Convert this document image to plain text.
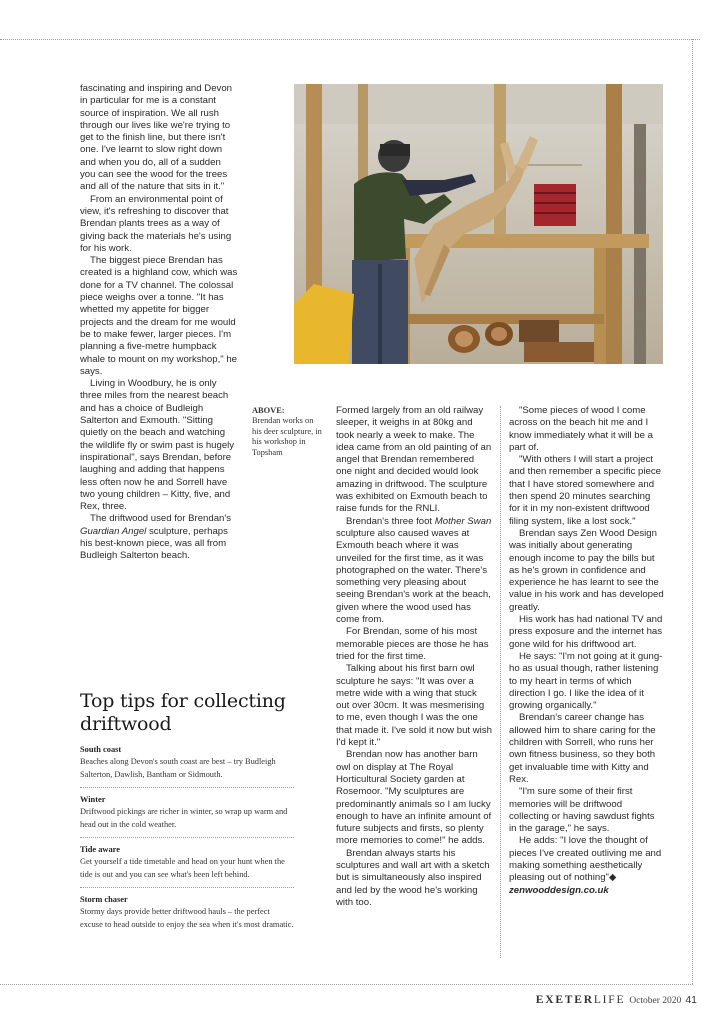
fascinating and inspiring and Devon in particular for me is a constant source of inspiration. We all rush through our lives like we're trying to get to the finish line, but there isn't one. I've learnt to slow right down and when you do, all of a sudden you can see the wood for the trees and all of the nature that sits in it."

From an environmental point of view, it's refreshing to discover that Brendan plants trees as a way of giving back the materials he's using for his work.

The biggest piece Brendan has created is a highland cow, which was done for a TV channel. The colossal piece weighs over a tonne. "It has whetted my appetite for bigger projects and the dream for me would be to make fewer, larger pieces. I'm planning a five-metre humpback whale to mount on my workshop," he says.

Living in Woodbury, he is only three miles from the nearest beach and has a choice of Budleigh Salterton and Exmouth. "Sitting quietly on the beach and watching the wildlife fly or swim past is hugely inspirational", says Brendan, before laughing and adding that happens less often now he and Sorrell have two young children – Kitty, five, and Rex, three.

The driftwood used for Brendan's Guardian Angel sculpture, perhaps his best-known piece, was all from Budleigh Salterton beach.

ABOVE:
Brendan works on his deer sculpture, in his workshop in Topsham

Formed largely from an old railway sleeper, it weighs in at 80kg and took nearly a week to make. The idea came from an old painting of an angel that Brendan remembered one night and decided would look amazing in driftwood. The sculpture was exhibited on Exmouth beach to raise funds for the RNLI.

Brendan's three foot Mother Swan sculpture also caused waves at Exmouth beach where it was unveiled for the first time, as it was photographed on the water. There's something very pleasing about seeing Brendan's work at the beach, given where the wood used has come from.

For Brendan, some of his most memorable pieces are those he has tried for the first time.

Talking about his first barn owl sculpture he says: "It was over a metre wide with a wing that stuck out over 30cm. It was mesmerising to me, even though I was the one that made it. I've sold it now but wish I'd kept it."

Brendan now has another barn owl on display at The Royal Horticultural Society garden at Rosemoor. "My sculptures are predominantly animals so I am lucky enough to have an infinite amount of future subjects and firsts, so plenty more memories to come!" he adds.

Brendan always starts his sculptures and wall art with a sketch but is simultaneously also inspired and led by the wood he's working with too.

"Some pieces of wood I come across on the beach hit me and I know immediately what it will be a part of.

"With others I will start a project and then remember a specific piece that I have stored somewhere and then spend 20 minutes searching for it in my non-existent driftwood filing system, like a lost sock."

Brendan says Zen Wood Design was initially about generating enough income to pay the bills but as he's grown in confidence and experience he has learnt to see the value in his work and has developed greatly.

His work has had national TV and press exposure and the internet has gone wild for his driftwood art.

He says: "I'm not going at it gung-ho as usual though, rather listening to my heart in terms of which direction I go. I like the idea of it growing organically."

Brendan's career change has allowed him to share caring for the children with Sorrell, who runs her own fitness business, so they both get invaluable time with Kitty and Rex.

"I'm sure some of their first memories will be driftwood collecting or having sawdust fights in the garage," he says.

He adds: "I love the thought of pieces I've created outliving me and making something aesthetically pleasing out of nothing"◆

zenwooddesign.co.uk

Top tips for collecting driftwood
South coast

Beaches along Devon's south coast are best – try Budleigh Salterton, Dawlish, Bantham or Sidmouth.

Winter

Driftwood pickings are richer in winter, so wrap up warm and head out in the cold weather.

Tide aware

Get yourself a tide timetable and head on your hunt when the tide is out and you can see what's been left behind.

Storm chaser

Stormy days provide better driftwood hauls – the perfect excuse to head outside to enjoy the sea when it's most dramatic.

EXETERLIFE October 2020 41
